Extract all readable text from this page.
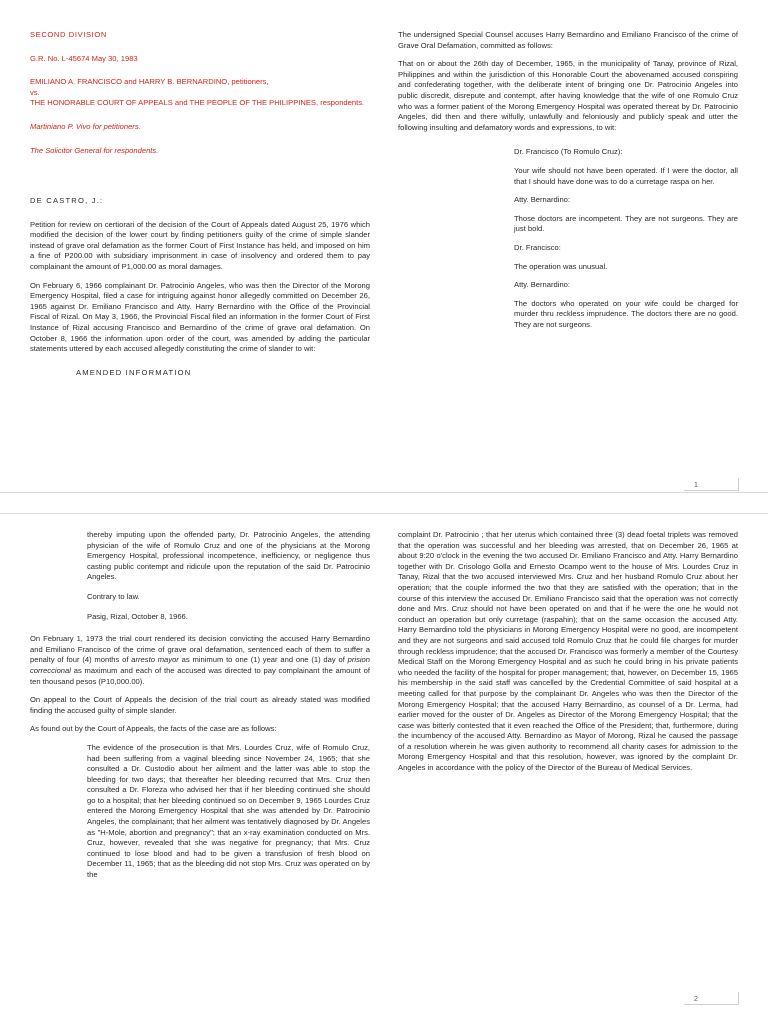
SECOND DIVISION

G.R. No. L-45674 May 30, 1983

EMILIANO A. FRANCISCO and HARRY B. BERNARDINO, petitioners,

vs.

THE HONORABLE COURT OF APPEALS and THE PEOPLE OF THE PHILIPPINES, respondents.

Martiniano P. Vivo for petitioners.

The Solicitor General for respondents.

DE CASTRO, J.:

Petition for review on certiorari of the decision of the Court of Appeals dated August 25, 1976 which modified the decision of the lower court by finding petitioners guilty of the crime of simple slander instead of grave oral defamation as the former Court of First Instance has held, and imposed on him a fine of P200.00 with subsidiary imprisonment in case of insolvency and ordered them to pay complainant the amount of P1,000.00 as moral damages.

On February 6, 1966 complainant Dr. Patrocinio Angeles, who was then the Director of the Morong Emergency Hospital, filed a case for intriguing against honor allegedly committed on December 26, 1965 against Dr. Emiliano Francisco and Atty. Harry Bernardino with the Office of the Provincial Fiscal of Rizal. On May 3, 1966, the Provincial Fiscal filed an information in the former Court of First Instance of Rizal accusing Francisco and Bernardino of the crime of grave oral defamation. On October 8, 1966 the information upon order of the court, was amended by adding the particular statements uttered by each accused allegedly constituting the crime of slander to wit:

AMENDED INFORMATION

The undersigned Special Counsel accuses Harry Bernardino and Emiliano Francisco of the crime of Grave Oral Defamation, committed as follows:

That on or about the 26th day of December, 1965, in the municipality of Tanay, province of Rizal, Philippines and within the jurisdiction of this Honorable Court the abovenamed accused conspiring and confederating together, with the deliberate intent of bringing one Dr. Patrocinio Angeles into public discredit, disrepute and contempt, after having knowledge that the wife of one Romulo Cruz who was a former patient of the Morong Emergency Hospital was operated thereat by Dr. Patrocinio Angeles, did then and there wilfully, unlawfully and feloniously and publicly speak and utter the following insulting and defamatory words and expressions, to wit:

Dr. Francisco (To Romulo Cruz):

Your wife should not have been operated. If I were the doctor, all that I should have done was to do a curretage raspa on her.

Atty. Bernardino:

Those doctors are incompetent. They are not surgeons. They are just bold.

Dr. Francisco:

The operation was unusual.

Atty. Bernardino:

The doctors who operated on your wife could be charged for murder thru reckless imprudence. The doctors there are no good. They are not surgeons.

1

thereby imputing upon the offended party, Dr. Patrocinio Angeles, the attending physician of the wife of Romulo Cruz and one of the physicians at the Morong Emergency Hospital, professional incompetence, inefficiency, or negligence thus casting public contempt and ridicule upon the reputation of the said Dr. Patrocinio Angeles.

Contrary to law.

Pasig, Rizal, October 8, 1966.

On February 1, 1973 the trial court rendered its decision convicting the accused Harry Bernardino and Emiliano Francisco of the crime of grave oral defamation, sentenced each of them to suffer a penalty of four (4) months of arresto mayor as minimum to one (1) year and one (1) day of prision correccional as maximum and each of the accused was directed to pay complainant the amount of ten thousand pesos (P10,000.00).

On appeal to the Court of Appeals the decision of the trial court as already stated was modified finding the accused guilty of simple slander.

As found out by the Court of Appeals, the facts of the case are as follows:

The evidence of the prosecution is that Mrs. Lourdes Cruz, wife of Romulo Cruz, had been suffering from a vaginal bleeding since November 24, 1965; that she consulted a Dr. Custodio about her ailment and the latter was able to stop the bleeding for two days; that thereafter her bleeding recurred that Mrs. Cruz then consulted a Dr. Floreza who advised her that if her bleeding continued she should go to a hospital; that her bleeding continued so on December 9, 1965 Lourdes Cruz entered the Morong Emergency Hospital that she was attended by Dr. Patrocinio Angeles, the complainant; that her ailment was tentatively diagnosed by Dr. Angeles as "H-Mole, abortion and pregnancy"; that an x-ray examination conducted on Mrs. Cruz, however, revealed that she was negative for pregnancy; that Mrs. Cruz continued to lose blood and had to be given a transfusion of fresh blood on December 11, 1965; that as the bleeding did not stop Mrs. Cruz was operated on by the

complaint Dr. Patrocinio ; that her uterus which contained three (3) dead foetal triplets was removed that the operation was successful and her bleeding was arrested, that on December 26, 1965 at about 9:20 o'clock in the evening the two accused Dr. Emiliano Francisco and Atty. Harry Bernardino together with Dr. Crisologo Golla and Ernesto Ocampo went to the house of Mrs. Lourdes Cruz in Tanay, Rizal that the two accused interviewed Mrs. Cruz and her husband Romulo Cruz about her operation; that the couple informed the two that they are satisfied with the operation; that in the course of this interview the accused Dr. Emiliano Francisco said that the operation was not correctly done and Mrs. Cruz should not have been operated on and that if he were the one he would not conduct an operation but only curretage (raspahin); that on the same occasion the accused Atty. Harry Bernardino told the physicians in Morong Emergency Hospital were no good, are incompetent and they are not surgeons and said accused told Romulo Cruz that he could file charges for murder through reckless imprudence; that the accused Dr. Francisco was formerly a member of the Courtesy Medical Staff on the Morong Emergency Hospital and as such he could bring in his private patients who needed the facility of the hospital for proper management; that, however, on December 15, 1965 his membership in the said staff was cancelled by the Credential Committee of said hospital at a meeting called for that purpose by the complainant Dr. Angeles who was then the Director of the Morong Emergency Hospital; that the accused Harry Bernardino, as counsel of a Dr. Lerma, had earlier moved for the ouster of Dr. Angeles as Director of the Morong Emergency Hospital; that the case was bitterly contested that it even reached the Office of the President; that, furthermore, during the incumbency of the accused Atty. Bernardino as Mayor of Morong, Rizal he caused the passage of a resolution wherein he was given authority to recommend all charity cases for admission to the Morong Emergency Hospital and that this resolution, however, was ignored by the complaint Dr. Angeles in accordance with the policy of the Director of the Bureau of Medical Services.

2
